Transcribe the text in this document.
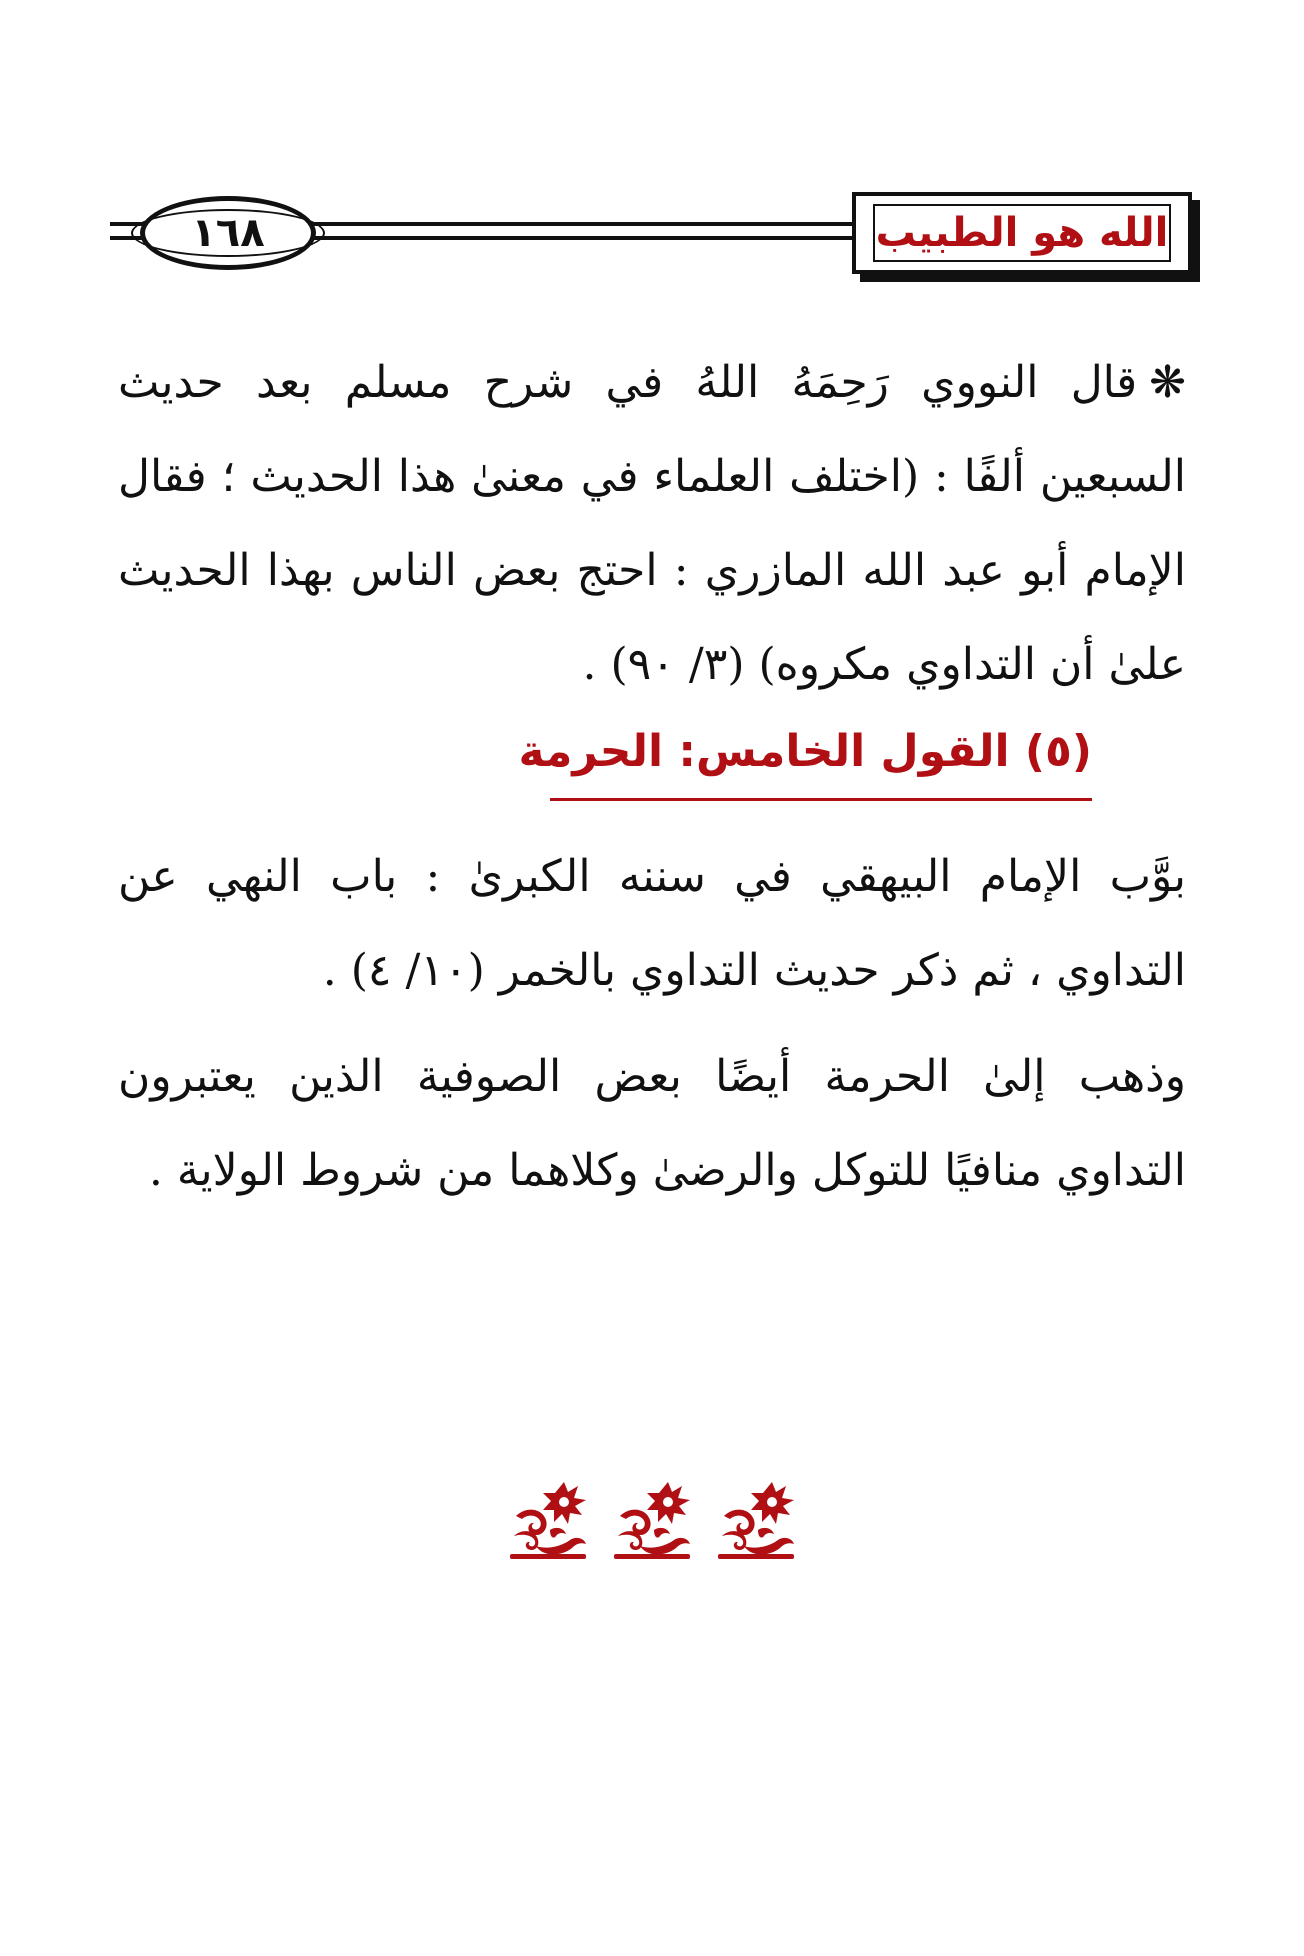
الله هو الطبيب
١٦٨
❋قال النووي رَحِمَهُ اللهُ في شرح مسلم بعد حديث السبعين ألفًا : (اختلف العلماء في معنىٰ هذا الحديث ؛ فقال الإمام أبو عبد الله المازري : احتج بعض الناس بهذا الحديث علىٰ أن التداوي مكروه) (٣/ ٩٠) .
(٥) القول الخامس: الحرمة
بوَّب الإمام البيهقي في سننه الكبرىٰ : باب النهي عن التداوي ، ثم ذكر حديث التداوي بالخمر (١٠/ ٤) .
وذهب إلىٰ الحرمة أيضًا بعض الصوفية الذين يعتبرون التداوي منافيًا للتوكل والرضىٰ وكلاهما من شروط الولاية .
